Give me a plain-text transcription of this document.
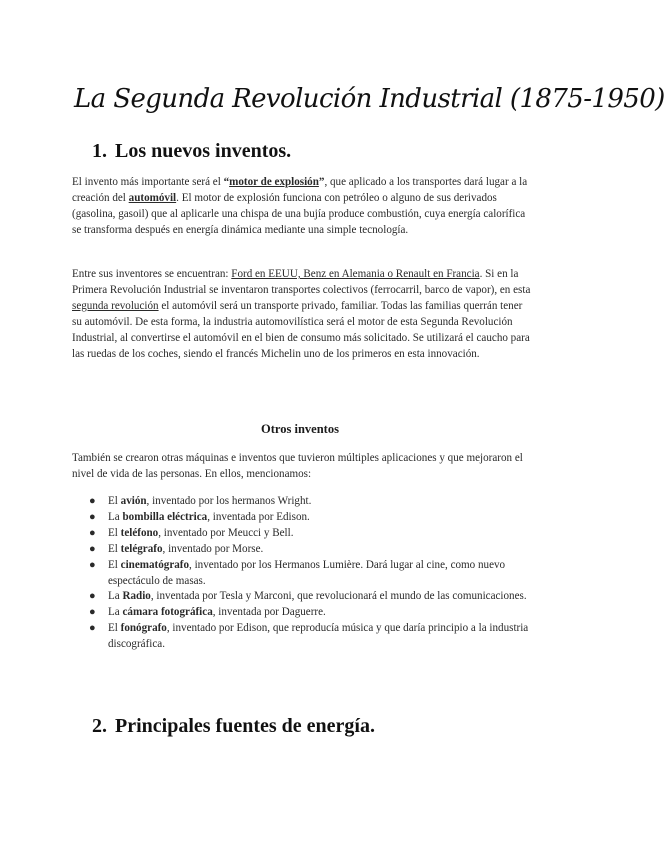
La Segunda Revolución Industrial (1875-1950)
1. Los nuevos inventos.

El invento más importante será el “motor de explosión”, que aplicado a los transportes dará lugar a la creación del automóvil. El motor de explosión funciona con petróleo o alguno de sus derivados (gasolina, gasoil) que al aplicarle una chispa de una bujía produce combustión, cuya energía calorífica se transforma después en energía dinámica mediante una simple tecnología.

Entre sus inventores se encuentran: Ford en EEUU, Benz en Alemania o Renault en Francia. Si en la Primera Revolución Industrial se inventaron transportes colectivos (ferrocarril, barco de vapor), en esta segunda revolución el automóvil será un transporte privado, familiar. Todas las familias querrán tener su automóvil. De esta forma, la industria automovilística será el motor de esta Segunda Revolución Industrial, al convertirse el automóvil en el bien de consumo más solicitado. Se utilizará el caucho para las ruedas de los coches, siendo el francés Michelin uno de los primeros en esta innovación.

Otros inventos

También se crearon otras máquinas e inventos que tuvieron múltiples aplicaciones y que mejoraron el nivel de vida de las personas. En ellos, mencionamos:

● El avión, inventado por los hermanos Wright.
● La bombilla eléctrica, inventada por Edison.
● El teléfono, inventado por Meucci y Bell.
● El telégrafo, inventado por Morse.
● El cinematógrafo, inventado por los Hermanos Lumière. Dará lugar al cine, como nuevo espectáculo de masas.
● La Radio, inventada por Tesla y Marconi, que revolucionará el mundo de las comunicaciones.
● La cámara fotográfica, inventada por Daguerre.
● El fonógrafo, inventado por Edison, que reproducía música y que daría principio a la industria discográfica.
2. Principales fuentes de energía.
